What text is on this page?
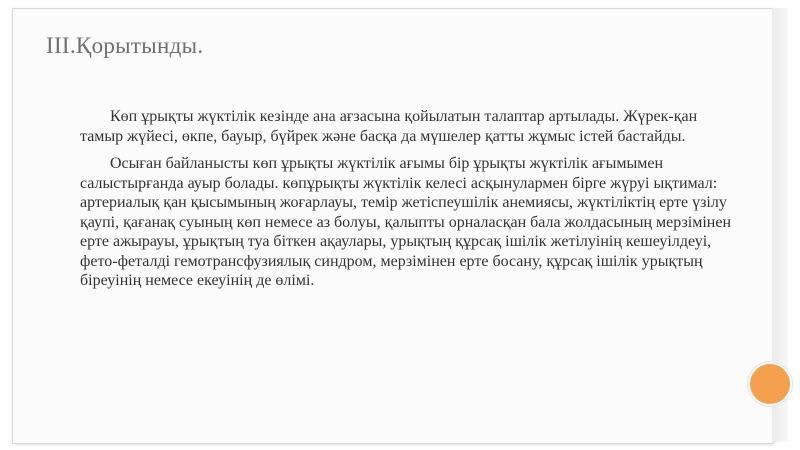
III.Қорытынды.

Көп ұрықты жүктілік кезінде ана ағзасына қойылатын талаптар артылады. Жүрек-қан тамыр жүйесі, өкпе, бауыр, бүйрек және басқа да мүшелер қатты жұмыс істей бастайды.

Осыған байланысты көп ұрықты жүктілік ағымы бір ұрықты жүктілік ағымымен салыстырғанда ауыр болады. көпұрықты жүктілік келесі асқынулармен бірге жүруі ықтимал: артериалық қан қысымының жоғарлауы, темір жетіспеушілік анемиясы, жүктіліктің ерте үзілу қаупі, қағанақ суының көп немесе аз болуы, қалыпты орналасқан бала жолдасының мерзімінен ерте ажырауы, ұрықтың туа біткен ақаулары, урықтың құрсақ ішілік жетілуінің кешеуілдеуі, фето-феталді гемотрансфузиялық синдром, мерзімінен ерте босану, құрсақ ішілік урықтың біреуінің немесе екеуінің де өлімі.
